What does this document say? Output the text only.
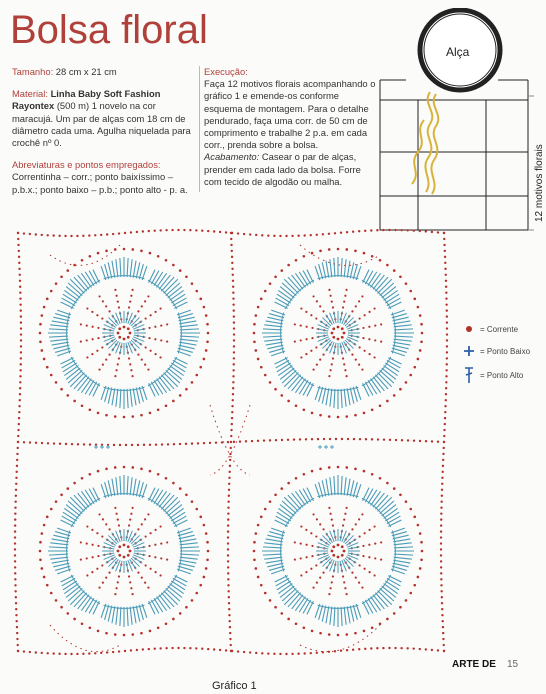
Bolsa floral

Tamanho: 28 cm x 21 cm

Material: Linha Baby Soft Fashion Rayontex (500 m) 1 novelo na cor maracujá. Um par de alças com 18 cm de diâmetro cada uma. Agulha niquelada para crochê nº 0.

Abreviaturas e pontos empregados:
Correntinha – corr.; ponto baixíssimo – p.b.x.; ponto baixo – p.b.; ponto alto - p. a.

Execução:
Faça 12 motivos florais acompanhando o gráfico 1 e emende-os conforme esquema de montagem. Para o detalhe pendurado, faça uma corr. de 50 cm de comprimento e trabalhe 2 p.a. em cada corr., prenda sobre a bolsa.
Acabamento: Casear o par de alças, prender em cada lado da bolsa. Forre com tecido de algodão ou malha.

Alça
12 motivos florais
= Corrente
= Ponto Baixo
= Ponto Alto
ARTE DE 15
Gráfico 1
